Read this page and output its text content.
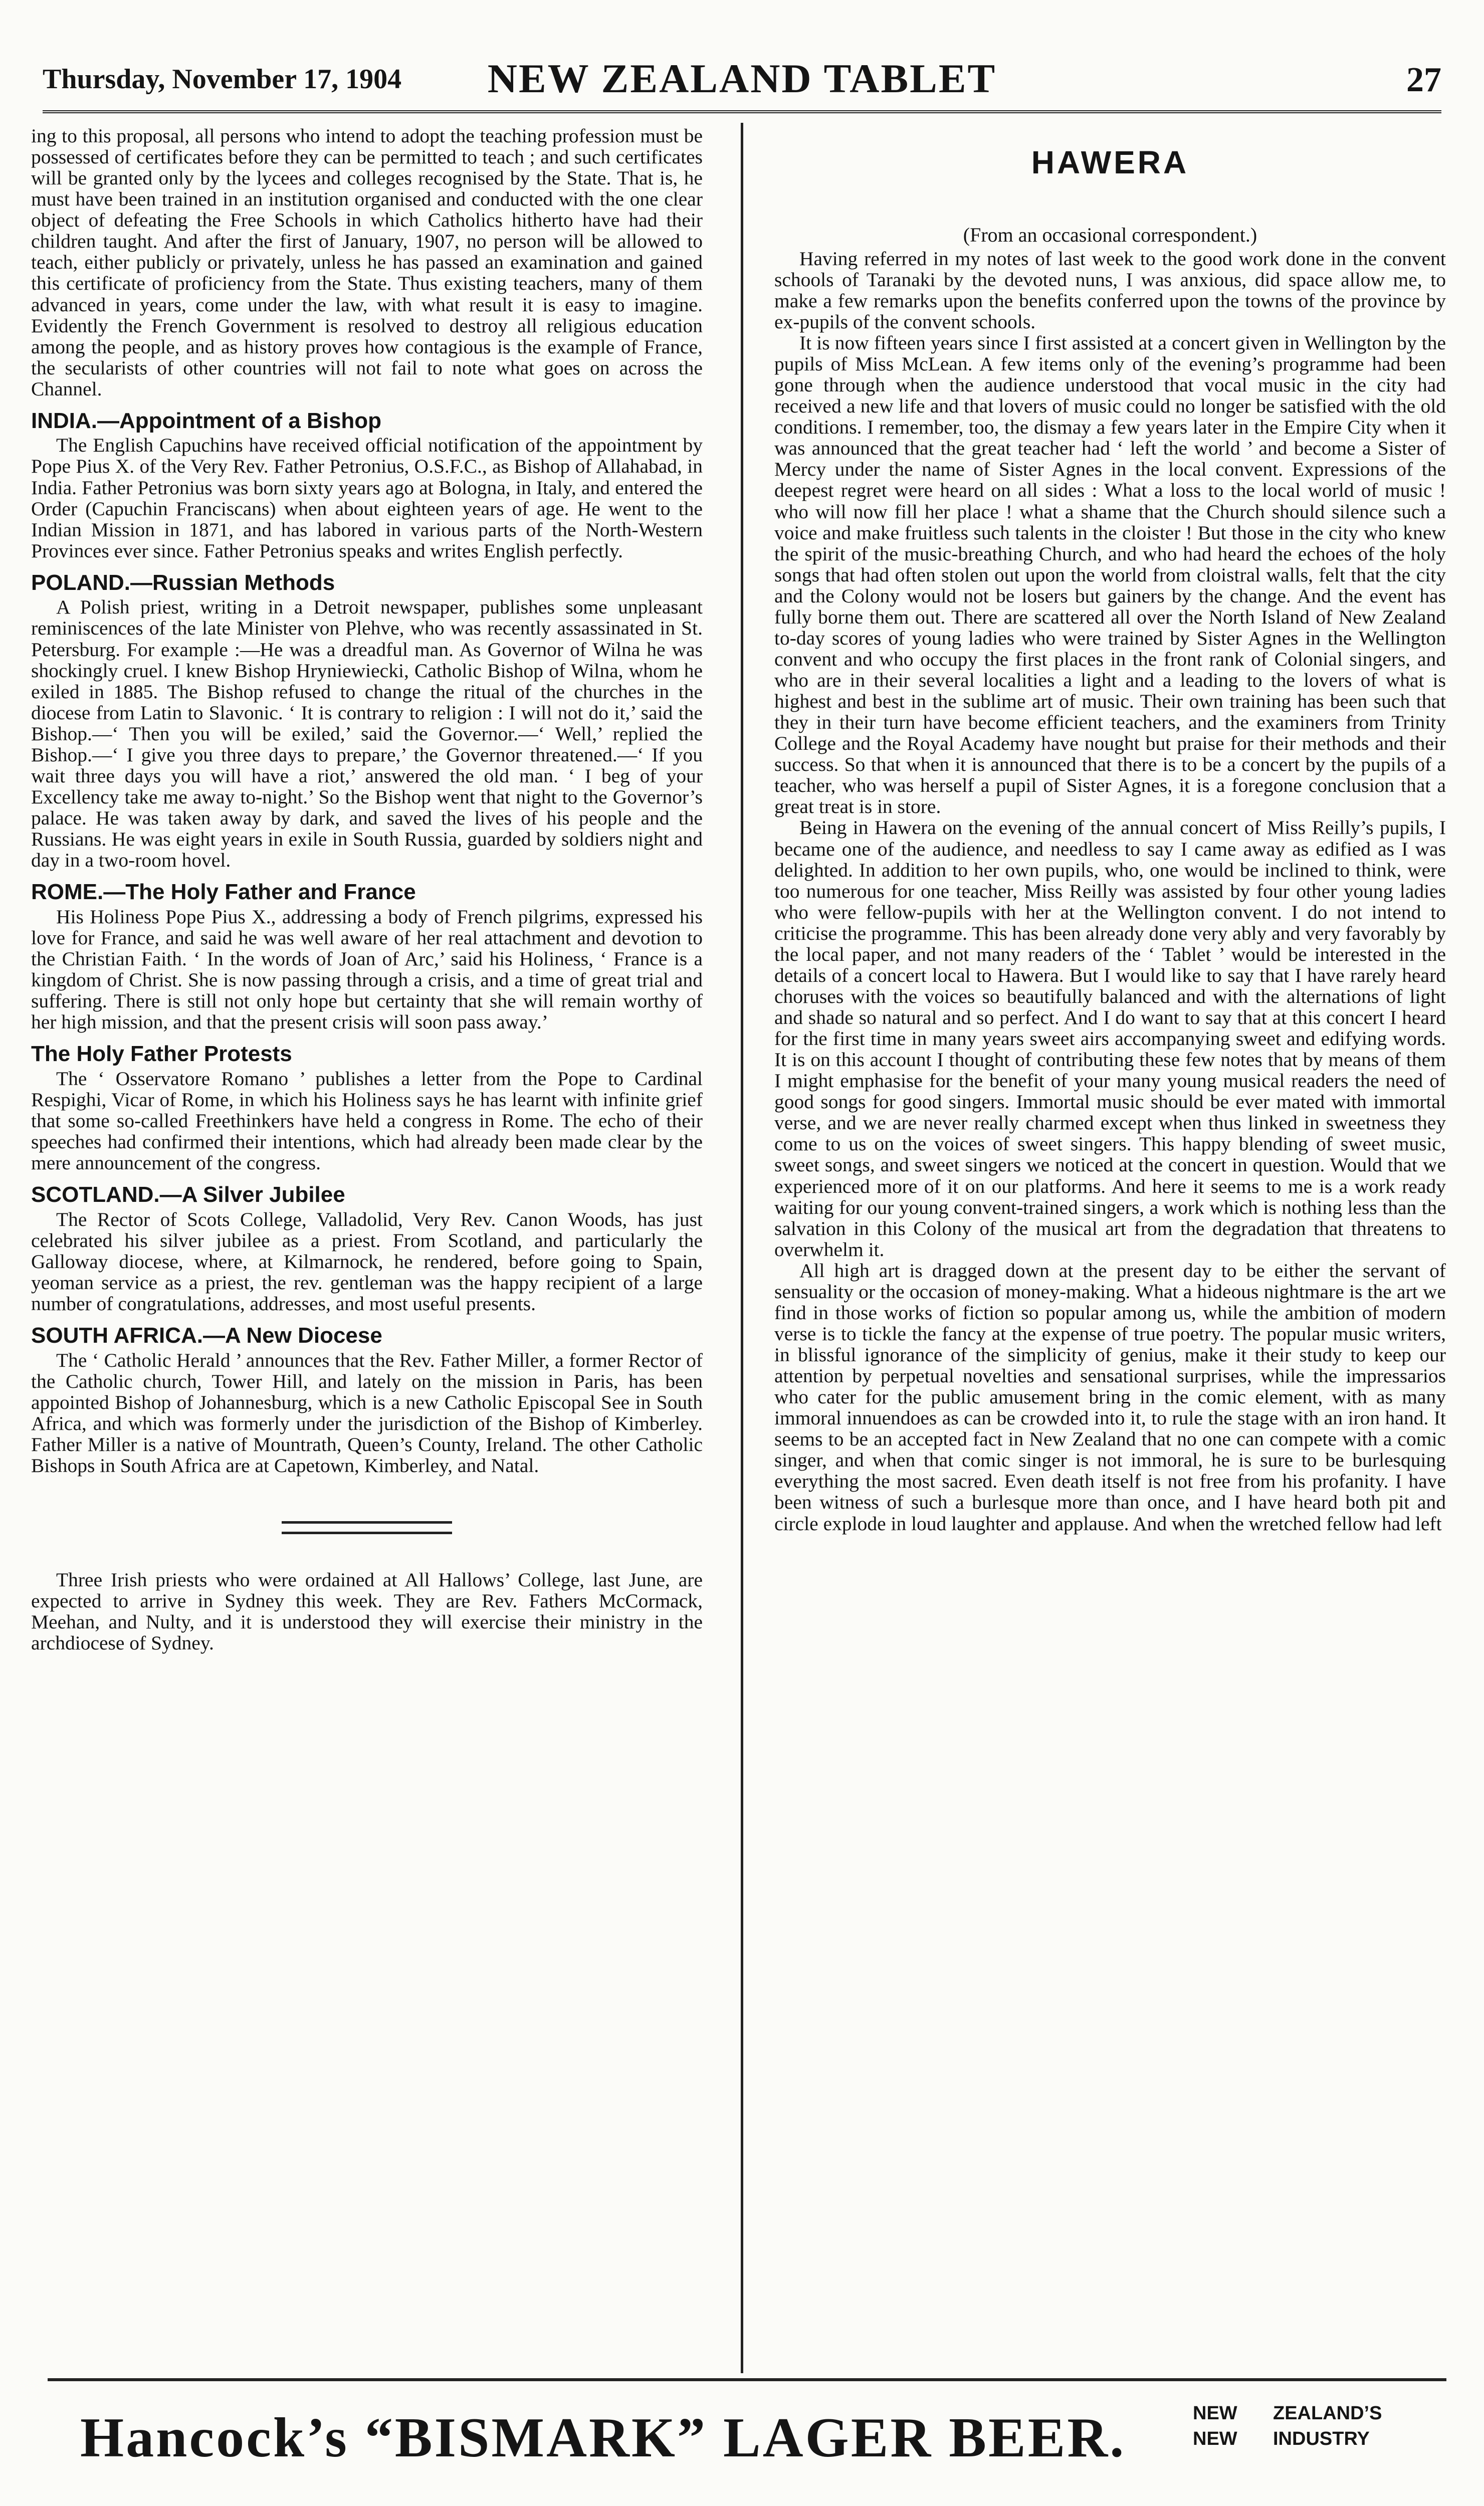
Thursday, November 17, 1904	NEW ZEALAND TABLET	27

ing to this proposal, all persons who intend to adopt the teaching profession must be possessed of certificates before they can be permitted to teach ; and such certificates will be granted only by the lycees and colleges recognised by the State. That is, he must have been trained in an institution organised and conducted with the one clear object of defeating the Free Schools in which Catholics hitherto have had their children taught. And after the first of January, 1907, no person will be allowed to teach, either publicly or privately, unless he has passed an examination and gained this certificate of proficiency from the State. Thus existing teachers, many of them advanced in years, come under the law, with what result it is easy to imagine. Evidently the French Government is resolved to destroy all religious education among the people, and as history proves how contagious is the example of France, the secularists of other countries will not fail to note what goes on across the Channel.

INDIA.—Appointment of a Bishop

The English Capuchins have received official notification of the appointment by Pope Pius X. of the Very Rev. Father Petronius, O.S.F.C., as Bishop of Allahabad, in India. Father Petronius was born sixty years ago at Bologna, in Italy, and entered the Order (Capuchin Franciscans) when about eighteen years of age. He went to the Indian Mission in 1871, and has labored in various parts of the North-Western Provinces ever since. Father Petronius speaks and writes English perfectly.

POLAND.—Russian Methods

A Polish priest, writing in a Detroit newspaper, publishes some unpleasant reminiscences of the late Minister von Plehve, who was recently assassinated in St. Petersburg. For example :—He was a dreadful man. As Governor of Wilna he was shockingly cruel. I knew Bishop Hryniewiecki, Catholic Bishop of Wilna, whom he exiled in 1885. The Bishop refused to change the ritual of the churches in the diocese from Latin to Slavonic. ‘ It is contrary to religion : I will not do it,’ said the Bishop.—‘ Then you will be exiled,’ said the Governor.—‘ Well,’ replied the Bishop.—‘ I give you three days to prepare,’ the Governor threatened.—‘ If you wait three days you will have a riot,’ answered the old man. ‘ I beg of your Excellency take me away to-night.’ So the Bishop went that night to the Governor’s palace. He was taken away by dark, and saved the lives of his people and the Russians. He was eight years in exile in South Russia, guarded by soldiers night and day in a two-room hovel.

ROME.—The Holy Father and France

His Holiness Pope Pius X., addressing a body of French pilgrims, expressed his love for France, and said he was well aware of her real attachment and devotion to the Christian Faith. ‘ In the words of Joan of Arc,’ said his Holiness, ‘ France is a kingdom of Christ. She is now passing through a crisis, and a time of great trial and suffering. There is still not only hope but certainty that she will remain worthy of her high mission, and that the present crisis will soon pass away.’

The Holy Father Protests

The ‘ Osservatore Romano ’ publishes a letter from the Pope to Cardinal Respighi, Vicar of Rome, in which his Holiness says he has learnt with infinite grief that some so-called Freethinkers have held a congress in Rome. The echo of their speeches had confirmed their intentions, which had already been made clear by the mere announcement of the congress.

SCOTLAND.—A Silver Jubilee

The Rector of Scots College, Valladolid, Very Rev. Canon Woods, has just celebrated his silver jubilee as a priest. From Scotland, and particularly the Galloway diocese, where, at Kilmarnock, he rendered, before going to Spain, yeoman service as a priest, the rev. gentleman was the happy recipient of a large number of congratulations, addresses, and most useful presents.

SOUTH AFRICA.—A New Diocese

The ‘ Catholic Herald ’ announces that the Rev. Father Miller, a former Rector of the Catholic church, Tower Hill, and lately on the mission in Paris, has been appointed Bishop of Johannesburg, which is a new Catholic Episcopal See in South Africa, and which was formerly under the jurisdiction of the Bishop of Kimberley. Father Miller is a native of Mountrath, Queen’s County, Ireland. The other Catholic Bishops in South Africa are at Capetown, Kimberley, and Natal.

Three Irish priests who were ordained at All Hallows’ College, last June, are expected to arrive in Sydney this week. They are Rev. Fathers McCormack, Meehan, and Nulty, and it is understood they will exercise their ministry in the archdiocese of Sydney.

HAWERA
(From an occasional correspondent.)

Having referred in my notes of last week to the good work done in the convent schools of Taranaki by the devoted nuns, I was anxious, did space allow me, to make a few remarks upon the benefits conferred upon the towns of the province by ex-pupils of the convent schools.

It is now fifteen years since I first assisted at a concert given in Wellington by the pupils of Miss McLean. A few items only of the evening’s programme had been gone through when the audience understood that vocal music in the city had received a new life and that lovers of music could no longer be satisfied with the old conditions. I remember, too, the dismay a few years later in the Empire City when it was announced that the great teacher had ‘ left the world ’ and become a Sister of Mercy under the name of Sister Agnes in the local convent. Expressions of the deepest regret were heard on all sides : What a loss to the local world of music ! who will now fill her place ! what a shame that the Church should silence such a voice and make fruitless such talents in the cloister ! But those in the city who knew the spirit of the music-breathing Church, and who had heard the echoes of the holy songs that had often stolen out upon the world from cloistral walls, felt that the city and the Colony would not be losers but gainers by the change. And the event has fully borne them out. There are scattered all over the North Island of New Zealand to-day scores of young ladies who were trained by Sister Agnes in the Wellington convent and who occupy the first places in the front rank of Colonial singers, and who are in their several localities a light and a leading to the lovers of what is highest and best in the sublime art of music. Their own training has been such that they in their turn have become efficient teachers, and the examiners from Trinity College and the Royal Academy have nought but praise for their methods and their success. So that when it is announced that there is to be a concert by the pupils of a teacher, who was herself a pupil of Sister Agnes, it is a foregone conclusion that a great treat is in store.

Being in Hawera on the evening of the annual concert of Miss Reilly’s pupils, I became one of the audience, and needless to say I came away as edified as I was delighted. In addition to her own pupils, who, one would be inclined to think, were too numerous for one teacher, Miss Reilly was assisted by four other young ladies who were fellow-pupils with her at the Wellington convent. I do not intend to criticise the programme. This has been already done very ably and very favorably by the local paper, and not many readers of the ‘ Tablet ’ would be interested in the details of a concert local to Hawera. But I would like to say that I have rarely heard choruses with the voices so beautifully balanced and with the alternations of light and shade so natural and so perfect. And I do want to say that at this concert I heard for the first time in many years sweet airs accompanying sweet and edifying words. It is on this account I thought of contributing these few notes that by means of them I might emphasise for the benefit of your many young musical readers the need of good songs for good singers. Immortal music should be ever mated with immortal verse, and we are never really charmed except when thus linked in sweetness they come to us on the voices of sweet singers. This happy blending of sweet music, sweet songs, and sweet singers we noticed at the concert in question. Would that we experienced more of it on our platforms. And here it seems to me is a work ready waiting for our young convent-trained singers, a work which is nothing less than the salvation in this Colony of the musical art from the degradation that threatens to overwhelm it.

All high art is dragged down at the present day to be either the servant of sensuality or the occasion of money-making. What a hideous nightmare is the art we find in those works of fiction so popular among us, while the ambition of modern verse is to tickle the fancy at the expense of true poetry. The popular music writers, in blissful ignorance of the simplicity of genius, make it their study to keep our attention by perpetual novelties and sensational surprises, while the impressarios who cater for the public amusement bring in the comic element, with as many immoral innuendoes as can be crowded into it, to rule the stage with an iron hand. It seems to be an accepted fact in New Zealand that no one can compete with a comic singer, and when that comic singer is not immoral, he is sure to be burlesquing everything the most sacred. Even death itself is not free from his profanity. I have been witness of such a burlesque more than once, and I have heard both pit and circle explode in loud laughter and applause. And when the wretched fellow had left

Hancock’s “BISMARK” LAGER BEER.	NEW ZEALAND’S
NEW INDUSTRY
